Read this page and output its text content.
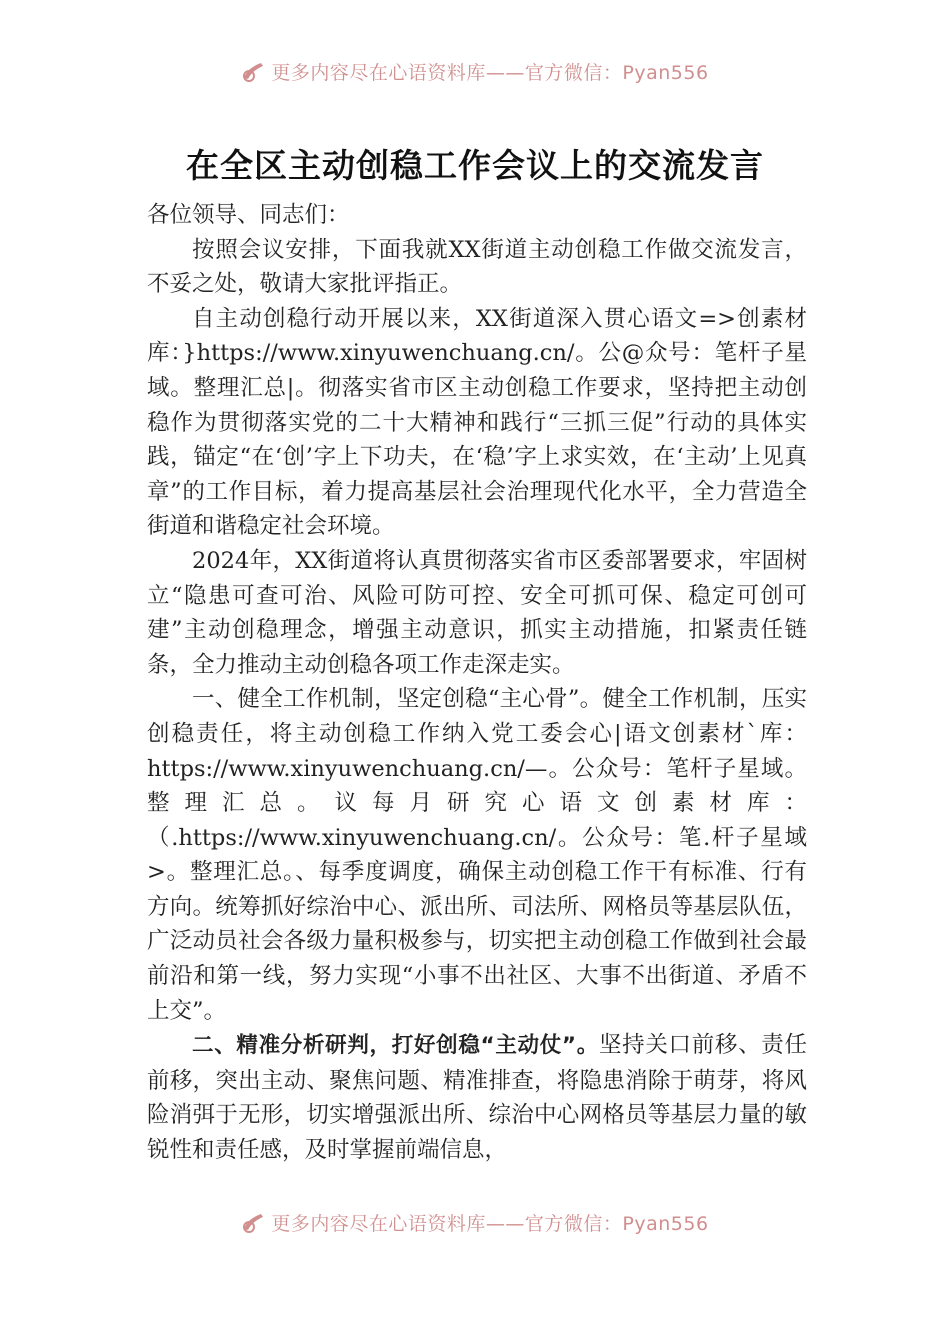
更多内容尽在心语资料库——官方微信：Pyan556
在全区主动创稳工作会议上的交流发言

各位领导、同志们：

按照会议安排，下面我就XX街道主动创稳工作做交流发言，不妥之处，敬请大家批评指正。

自主动创稳行动开展以来，XX街道深入贯心语文=>创素材库：}https://www.xinyuwenchuang.cn/。公@众号：笔杆子星域。整理汇总|。彻落实省市区主动创稳工作要求，坚持把主动创稳作为贯彻落实党的二十大精神和践行“三抓三促”行动的具体实践，锚定“在‘创’字上下功夫，在‘稳’字上求实效，在‘主动’上见真章”的工作目标，着力提高基层社会治理现代化水平，全力营造全街道和谐稳定社会环境。

2024年，XX街道将认真贯彻落实省市区委部署要求，牢固树立“隐患可查可治、风险可防可控、安全可抓可保、稳定可创可建”主动创稳理念，增强主动意识，抓实主动措施，扣紧责任链条，全力推动主动创稳各项工作走深走实。

一、健全工作机制，坚定创稳“主心骨”。健全工作机制，压实创稳责任，将主动创稳工作纳入党工委会心|语文创素材`库：https://www.xinyuwenchuang.cn/—。公众号：笔杆子星域。整理汇总。议每月研究心语文创素材库：（.https://www.xinyuwenchuang.cn/。公众号：笔.杆子星域>。整理汇总。、每季度调度，确保主动创稳工作干有标准、行有方向。统筹抓好综治中心、派出所、司法所、网格员等基层队伍，广泛动员社会各级力量积极参与，切实把主动创稳工作做到社会最前沿和第一线，努力实现“小事不出社区、大事不出街道、矛盾不上交”。

二、精准分析研判，打好创稳“主动仗”。坚持关口前移、责任前移，突出主动、聚焦问题、精准排查，将隐患消除于萌芽，将风险消弭于无形，切实增强派出所、综治中心网格员等基层力量的敏锐性和责任感，及时掌握前端信息，

更多内容尽在心语资料库——官方微信：Pyan556
